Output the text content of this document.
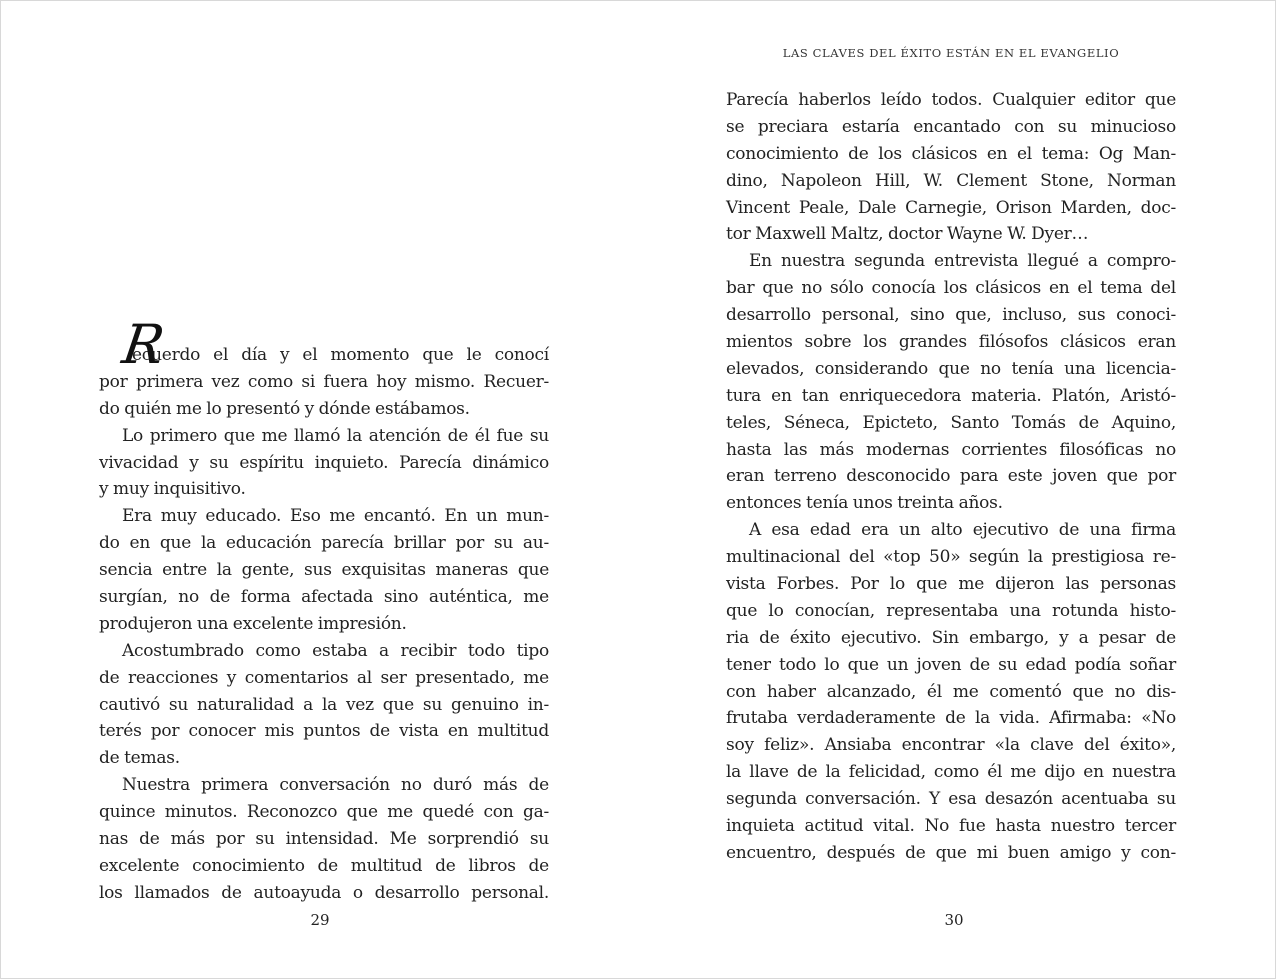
R
ecuerdo el día y el momento que le conocí
por primera vez como si fuera hoy mismo. Recuer-
do quién me lo presentó y dónde estábamos.
Lo primero que me llamó la atención de él fue su
vivacidad y su espíritu inquieto. Parecía dinámico
y muy inquisitivo.
Era muy educado. Eso me encantó. En un mun-
do en que la educación parecía brillar por su au-
sencia entre la gente, sus exquisitas maneras que
surgían, no de forma afectada sino auténtica, me
produjeron una excelente impresión.
Acostumbrado como estaba a recibir todo tipo
de reacciones y comentarios al ser presentado, me
cautivó su naturalidad a la vez que su genuino in-
terés por conocer mis puntos de vista en multitud
de temas.
Nuestra primera conversación no duró más de
quince minutos. Reconozco que me quedé con ga-
nas de más por su intensidad. Me sorprendió su
excelente conocimiento de multitud de libros de
los llamados de autoayuda o desarrollo personal.
29
LAS CLAVES DEL ÉXITO ESTÁN EN EL EVANGELIO
Parecía haberlos leído todos. Cualquier editor que
se preciara estaría encantado con su minucioso
conocimiento de los clásicos en el tema: Og Man-
dino, Napoleon Hill, W. Clement Stone, Norman
Vincent Peale, Dale Carnegie, Orison Marden, doc-
tor Maxwell Maltz, doctor Wayne W. Dyer…
En nuestra segunda entrevista llegué a compro-
bar que no sólo conocía los clásicos en el tema del
desarrollo personal, sino que, incluso, sus conoci-
mientos sobre los grandes filósofos clásicos eran
elevados, considerando que no tenía una licencia-
tura en tan enriquecedora materia. Platón, Aristó-
teles, Séneca, Epicteto, Santo Tomás de Aquino,
hasta las más modernas corrientes filosóficas no
eran terreno desconocido para este joven que por
entonces tenía unos treinta años.
A esa edad era un alto ejecutivo de una firma
multinacional del «top 50» según la prestigiosa re-
vista Forbes. Por lo que me dijeron las personas
que lo conocían, representaba una rotunda histo-
ria de éxito ejecutivo. Sin embargo, y a pesar de
tener todo lo que un joven de su edad podía soñar
con haber alcanzado, él me comentó que no dis-
frutaba verdaderamente de la vida. Afirmaba: «No
soy feliz». Ansiaba encontrar «la clave del éxito»,
la llave de la felicidad, como él me dijo en nuestra
segunda conversación. Y esa desazón acentuaba su
inquieta actitud vital. No fue hasta nuestro tercer
encuentro, después de que mi buen amigo y con-
30
